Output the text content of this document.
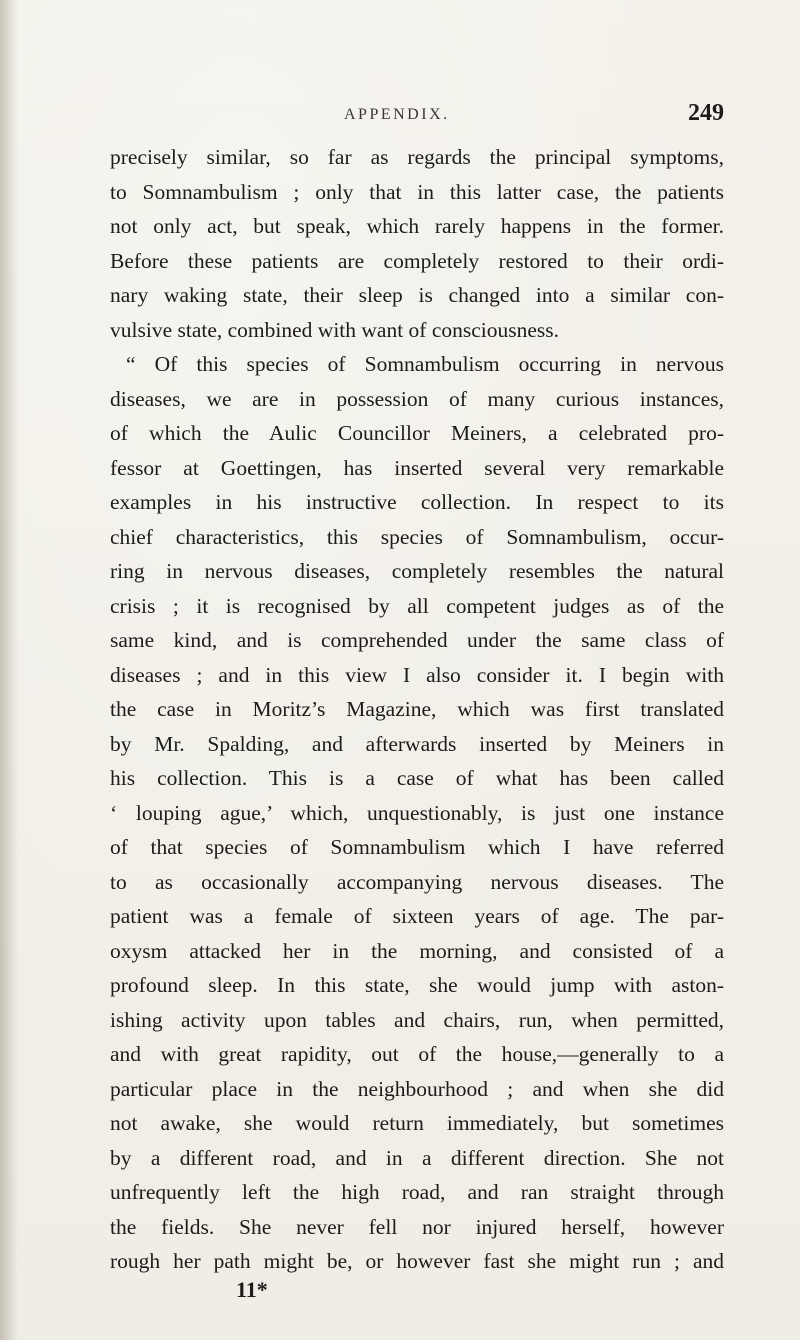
APPENDIX.	249
precisely similar, so far as regards the principal symptoms,
to Somnambulism ; only that in this latter case, the patients
not only act, but speak, which rarely happens in the former.
Before these patients are completely restored to their ordi-
nary waking state, their sleep is changed into a similar con-
vulsive state, combined with want of consciousness.
“ Of this species of Somnambulism occurring in nervous
diseases, we are in possession of many curious instances,
of which the Aulic Councillor Meiners, a celebrated pro-
fessor at Goettingen, has inserted several very remarkable
examples in his instructive collection. In respect to its
chief characteristics, this species of Somnambulism, occur-
ring in nervous diseases, completely resembles the natural
crisis ; it is recognised by all competent judges as of the
same kind, and is comprehended under the same class of
diseases ; and in this view I also consider it. I begin with
the case in Moritz’s Magazine, which was first translated
by Mr. Spalding, and afterwards inserted by Meiners in
his collection. This is a case of what has been called
‘ louping ague,’ which, unquestionably, is just one instance
of that species of Somnambulism which I have referred
to as occasionally accompanying nervous diseases. The
patient was a female of sixteen years of age. The par-
oxysm attacked her in the morning, and consisted of a
profound sleep. In this state, she would jump with aston-
ishing activity upon tables and chairs, run, when permitted,
and with great rapidity, out of the house,—generally to a
particular place in the neighbourhood ; and when she did
not awake, she would return immediately, but sometimes
by a different road, and in a different direction. She not
unfrequently left the high road, and ran straight through
the fields. She never fell nor injured herself, however
rough her path might be, or however fast she might run ; and
11*
